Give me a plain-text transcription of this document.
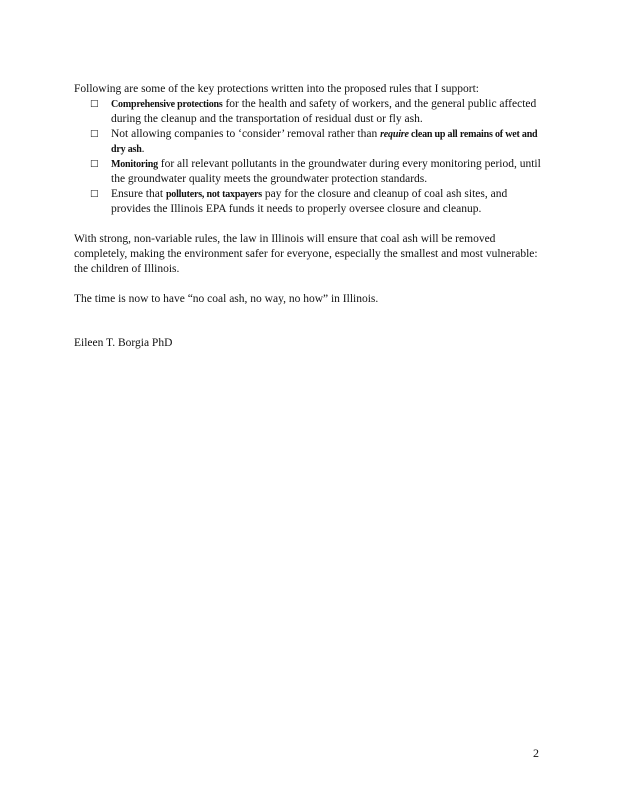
Following are some of the key protections written into the proposed rules that I support:

□ Comprehensive protections for the health and safety of workers, and the general public affected during the cleanup and the transportation of residual dust or fly ash.
□ Not allowing companies to ‘consider’ removal rather than require clean up all remains of wet and dry ash.
□ Monitoring for all relevant pollutants in the groundwater during every monitoring period, until the groundwater quality meets the groundwater protection standards.
□ Ensure that polluters, not taxpayers pay for the closure and cleanup of coal ash sites, and provides the Illinois EPA funds it needs to properly oversee closure and cleanup.

With strong, non-variable rules, the law in Illinois will ensure that coal ash will be removed completely, making the environment safer for everyone, especially the smallest and most vulnerable: the children of Illinois.

The time is now to have “no coal ash, no way, no how” in Illinois.

Eileen T. Borgia PhD

2
